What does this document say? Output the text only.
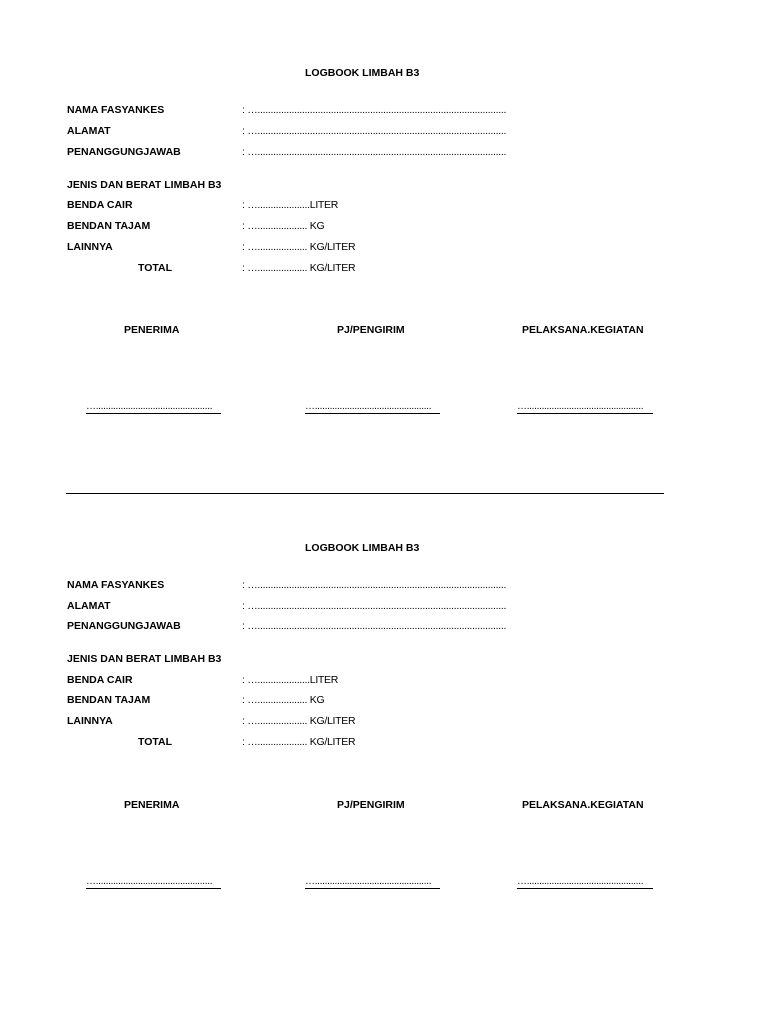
LOGBOOK LIMBAH B3
NAMA FASYANKES	: …...............................................................................................
ALAMAT	: …...............................................................................................
PENANGGUNGJAWAB	: …...............................................................................................
JENIS DAN BERAT LIMBAH B3
BENDA CAIR	: …....................LITER
BENDAN TAJAM	: …................... KG
LAINNYA	: …................... KG/LITER
TOTAL	: …................... KG/LITER
PENERIMA	PJ/PENGIRIM	PELAKSANA.KEGIATAN
…...............................................	…...............................................	…...............................................
LOGBOOK LIMBAH B3
NAMA FASYANKES	: …...............................................................................................
ALAMAT	: …...............................................................................................
PENANGGUNGJAWAB	: …...............................................................................................
JENIS DAN BERAT LIMBAH B3
BENDA CAIR	: …....................LITER
BENDAN TAJAM	: …................... KG
LAINNYA	: …................... KG/LITER
TOTAL	: …................... KG/LITER
PENERIMA	PJ/PENGIRIM	PELAKSANA.KEGIATAN
…...............................................	…...............................................	…...............................................
